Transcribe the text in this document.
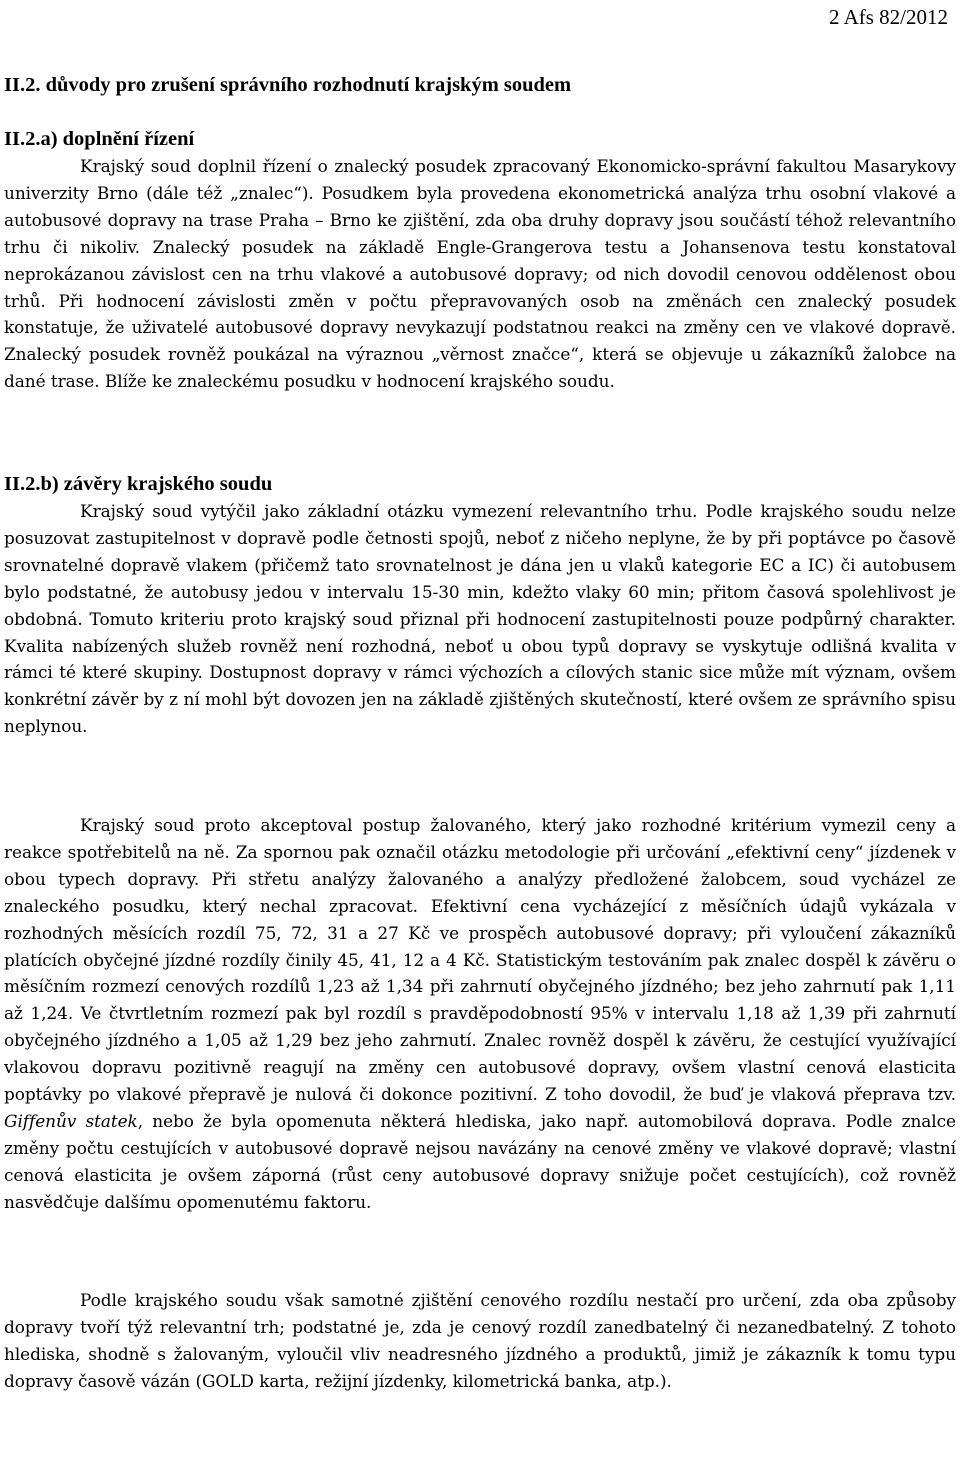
2 Afs 82/2012

II.2. důvody pro zrušení správního rozhodnutí krajským soudem
II.2.a) doplnění řízení

Krajský soud doplnil řízení o znalecký posudek zpracovaný Ekonomicko-správní fakultou Masarykovy univerzity Brno (dále též „znalec“). Posudkem byla provedena ekonometrická analýza trhu osobní vlakové a autobusové dopravy na trase Praha – Brno ke zjištění, zda oba druhy dopravy jsou součástí téhož relevantního trhu či nikoliv. Znalecký posudek na základě Engle-Grangerova testu a Johansenova testu konstatoval neprokázanou závislost cen na trhu vlakové a autobusové dopravy; od nich dovodil cenovou oddělenost obou trhů. Při hodnocení závislosti změn v počtu přepravovaných osob na změnách cen znalecký posudek konstatuje, že uživatelé autobusové dopravy nevykazují podstatnou reakci na změny cen ve vlakové dopravě. Znalecký posudek rovněž poukázal na výraznou „věrnost značce“, která se objevuje u zákazníků žalobce na dané trase. Blíže ke znaleckému posudku v hodnocení krajského soudu.

II.2.b) závěry krajského soudu

Krajský soud vytýčil jako základní otázku vymezení relevantního trhu. Podle krajského soudu nelze posuzovat zastupitelnost v dopravě podle četnosti spojů, neboť z ničeho neplyne, že by při poptávce po časově srovnatelné dopravě vlakem (přičemž tato srovnatelnost je dána jen u vlaků kategorie EC a IC) či autobusem bylo podstatné, že autobusy jedou v intervalu 15-30 min, kdežto vlaky 60 min; přitom časová spolehlivost je obdobná. Tomuto kriteriu proto krajský soud přiznal při hodnocení zastupitelnosti pouze podpůrný charakter. Kvalita nabízených služeb rovněž není rozhodná, neboť u obou typů dopravy se vyskytuje odlišná kvalita v rámci té které skupiny. Dostupnost dopravy v rámci výchozích a cílových stanic sice může mít význam, ovšem konkrétní závěr by z ní mohl být dovozen jen na základě zjištěných skutečností, které ovšem ze správního spisu neplynou.

Krajský soud proto akceptoval postup žalovaného, který jako rozhodné kritérium vymezil ceny a reakce spotřebitelů na ně. Za spornou pak označil otázku metodologie při určování „efektivní ceny“ jízdenek v obou typech dopravy. Při střetu analýzy žalovaného a analýzy předložené žalobcem, soud vycházel ze znaleckého posudku, který nechal zpracovat. Efektivní cena vycházející z měsíčních údajů vykázala v rozhodných měsících rozdíl 75, 72, 31 a 27 Kč ve prospěch autobusové dopravy; při vyloučení zákazníků platících obyčejné jízdné rozdíly činily 45, 41, 12 a 4 Kč. Statistickým testováním pak znalec dospěl k závěru o měsíčním rozmezí cenových rozdílů 1,23 až 1,34 při zahrnutí obyčejného jízdného; bez jeho zahrnutí pak 1,11 až 1,24. Ve čtvrtletním rozmezí pak byl rozdíl s pravděpodobností 95% v intervalu 1,18 až 1,39 při zahrnutí obyčejného jízdného a 1,05 až 1,29 bez jeho zahrnutí. Znalec rovněž dospěl k závěru, že cestující využívající vlakovou dopravu pozitivně reagují na změny cen autobusové dopravy, ovšem vlastní cenová elasticita poptávky po vlakové přepravě je nulová či dokonce pozitivní. Z toho dovodil, že buď je vlaková přeprava tzv. Giffenův statek, nebo že byla opomenuta některá hlediska, jako např. automobilová doprava. Podle znalce změny počtu cestujících v autobusové dopravě nejsou navázány na cenové změny ve vlakové dopravě; vlastní cenová elasticita je ovšem záporná (růst ceny autobusové dopravy snižuje počet cestujících), což rovněž nasvědčuje dalšímu opomenutému faktoru.

Podle krajského soudu však samotné zjištění cenového rozdílu nestačí pro určení, zda oba způsoby dopravy tvoří týž relevantní trh; podstatné je, zda je cenový rozdíl zanedbatelný či nezanedbatelný. Z tohoto hlediska, shodně s žalovaným, vyloučil vliv neadresného jízdného a produktů, jimiž je zákazník k tomu typu dopravy časově vázán (GOLD karta, režijní jízdenky, kilometrická banka, atp.).
